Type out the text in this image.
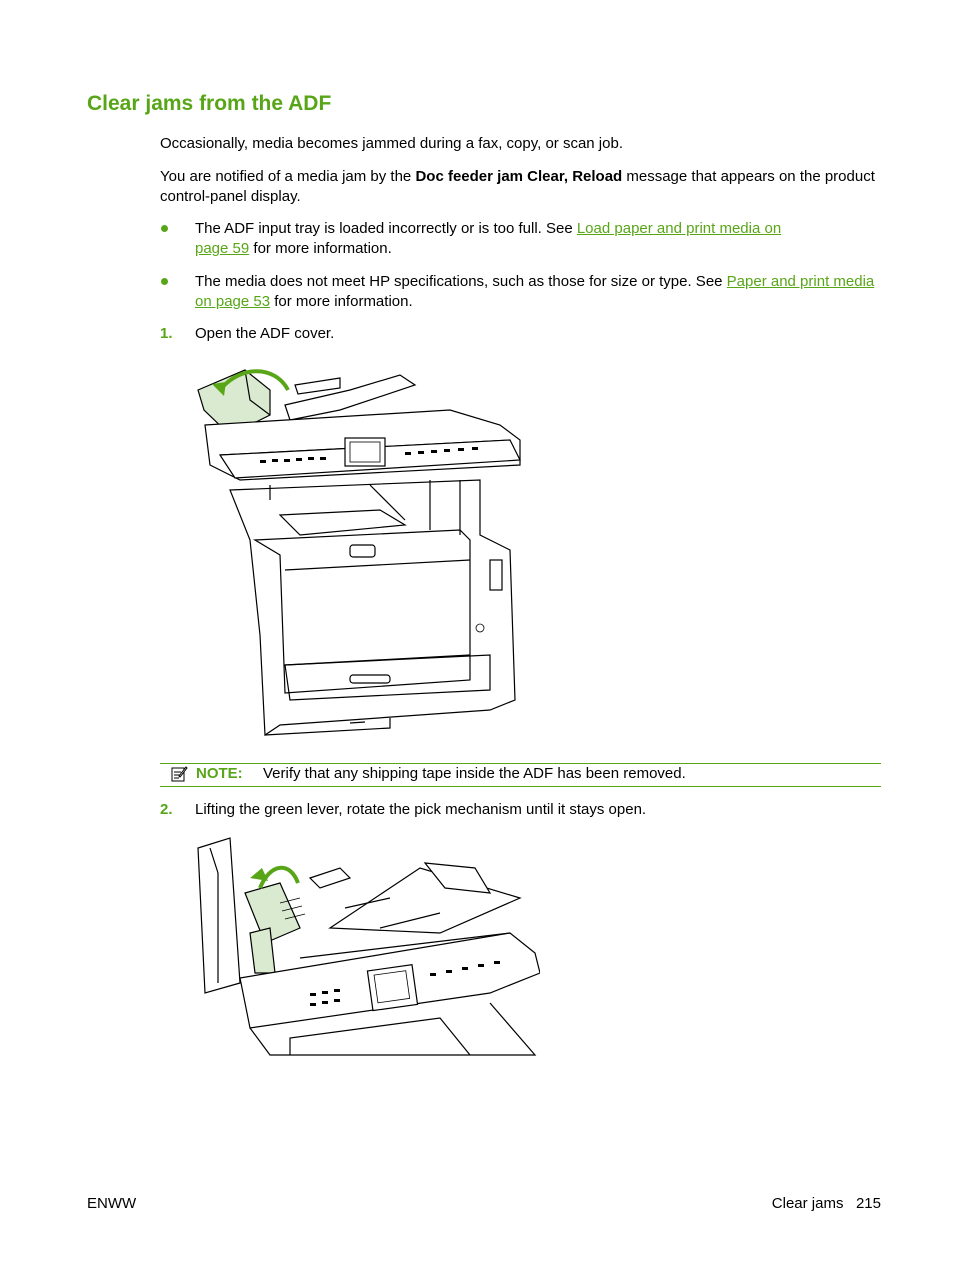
Clear jams from the ADF

Occasionally, media becomes jammed during a fax, copy, or scan job.

You are notified of a media jam by the Doc feeder jam Clear, Reload message that appears on the product control-panel display.

The ADF input tray is loaded incorrectly or is too full. See Load paper and print media on page 59 for more information.

The media does not meet HP specifications, such as those for size or type. See Paper and print media on page 53 for more information.

1. Open the ADF cover.
NOTE: Verify that any shipping tape inside the ADF has been removed.
2. Lifting the green lever, rotate the pick mechanism until it stays open.
ENWW	Clear jams   215
